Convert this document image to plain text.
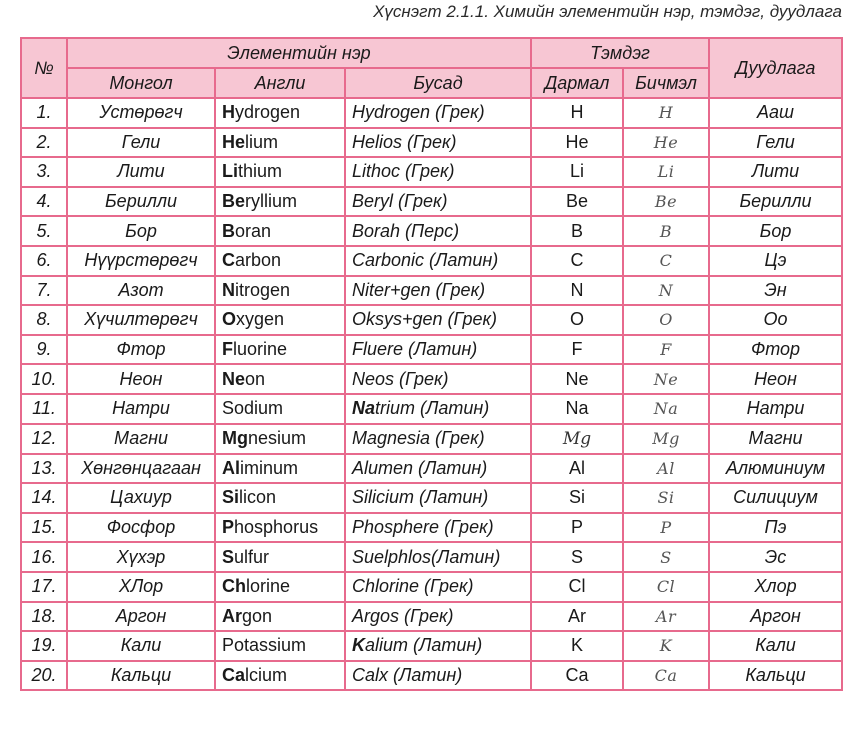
Хүснэгт 2.1.1. Химийн элементийн нэр, тэмдэг, дуудлага
№	Элементийн нэр			Тэмдэг		Дуудлага
	Монгол	Англи	Бусад	Дармал	Бичмэл	
1.	Устөрөгч	Hydrogen	Hydrogen (Грек)	H	H	Ааш
2.	Гели	Helium	Helios (Грек)	He	He	Гели
3.	Лити	Lithium	Lithoc (Грек)	Li	Li	Лити
4.	Берилли	Beryllium	Beryl (Грек)	Be	Be	Берилли
5.	Бор	Boran	Borah (Перс)	B	B	Бор
6.	Нүүрстөрөгч	Carbon	Carbonic (Латин)	C	C	Цэ
7.	Азот	Nitrogen	Niter+gen (Грек)	N	N	Эн
8.	Хүчилтөрөгч	Oxygen	Oksys+gen (Грек)	O	O	Оо
9.	Фтор	Fluorine	Fluere (Латин)	F	F	Фтор
10.	Неон	Neon	Neos (Грек)	Ne	Ne	Неон
11.	Натри	Sodium	Natrium (Латин)	Na	Na	Натри
12.	Магни	Mgnesium	Magnesia (Грек)	Mg	Mg	Магни
13.	Хөнгөнцагаан	Aliminum	Alumen (Латин)	Al	Al	Алюминиум
14.	Цахиур	Silicon	Silicium (Латин)	Si	Si	Силициум
15.	Фосфор	Phosphorus	Phosphere (Грек)	P	P	Пэ
16.	Хүхэр	Sulfur	Suelphlos(Латин)	S	S	Эс
17.	ХЛор	Chlorine	Chlorine (Грек)	Cl	Cl	Хлор
18.	Аргон	Argon	Argos (Грек)	Ar	Ar	Аргон
19.	Кали	Potassium	Kalium (Латин)	K	K	Кали
20.	Кальци	Calcium	Calx (Латин)	Ca	Ca	Кальци
